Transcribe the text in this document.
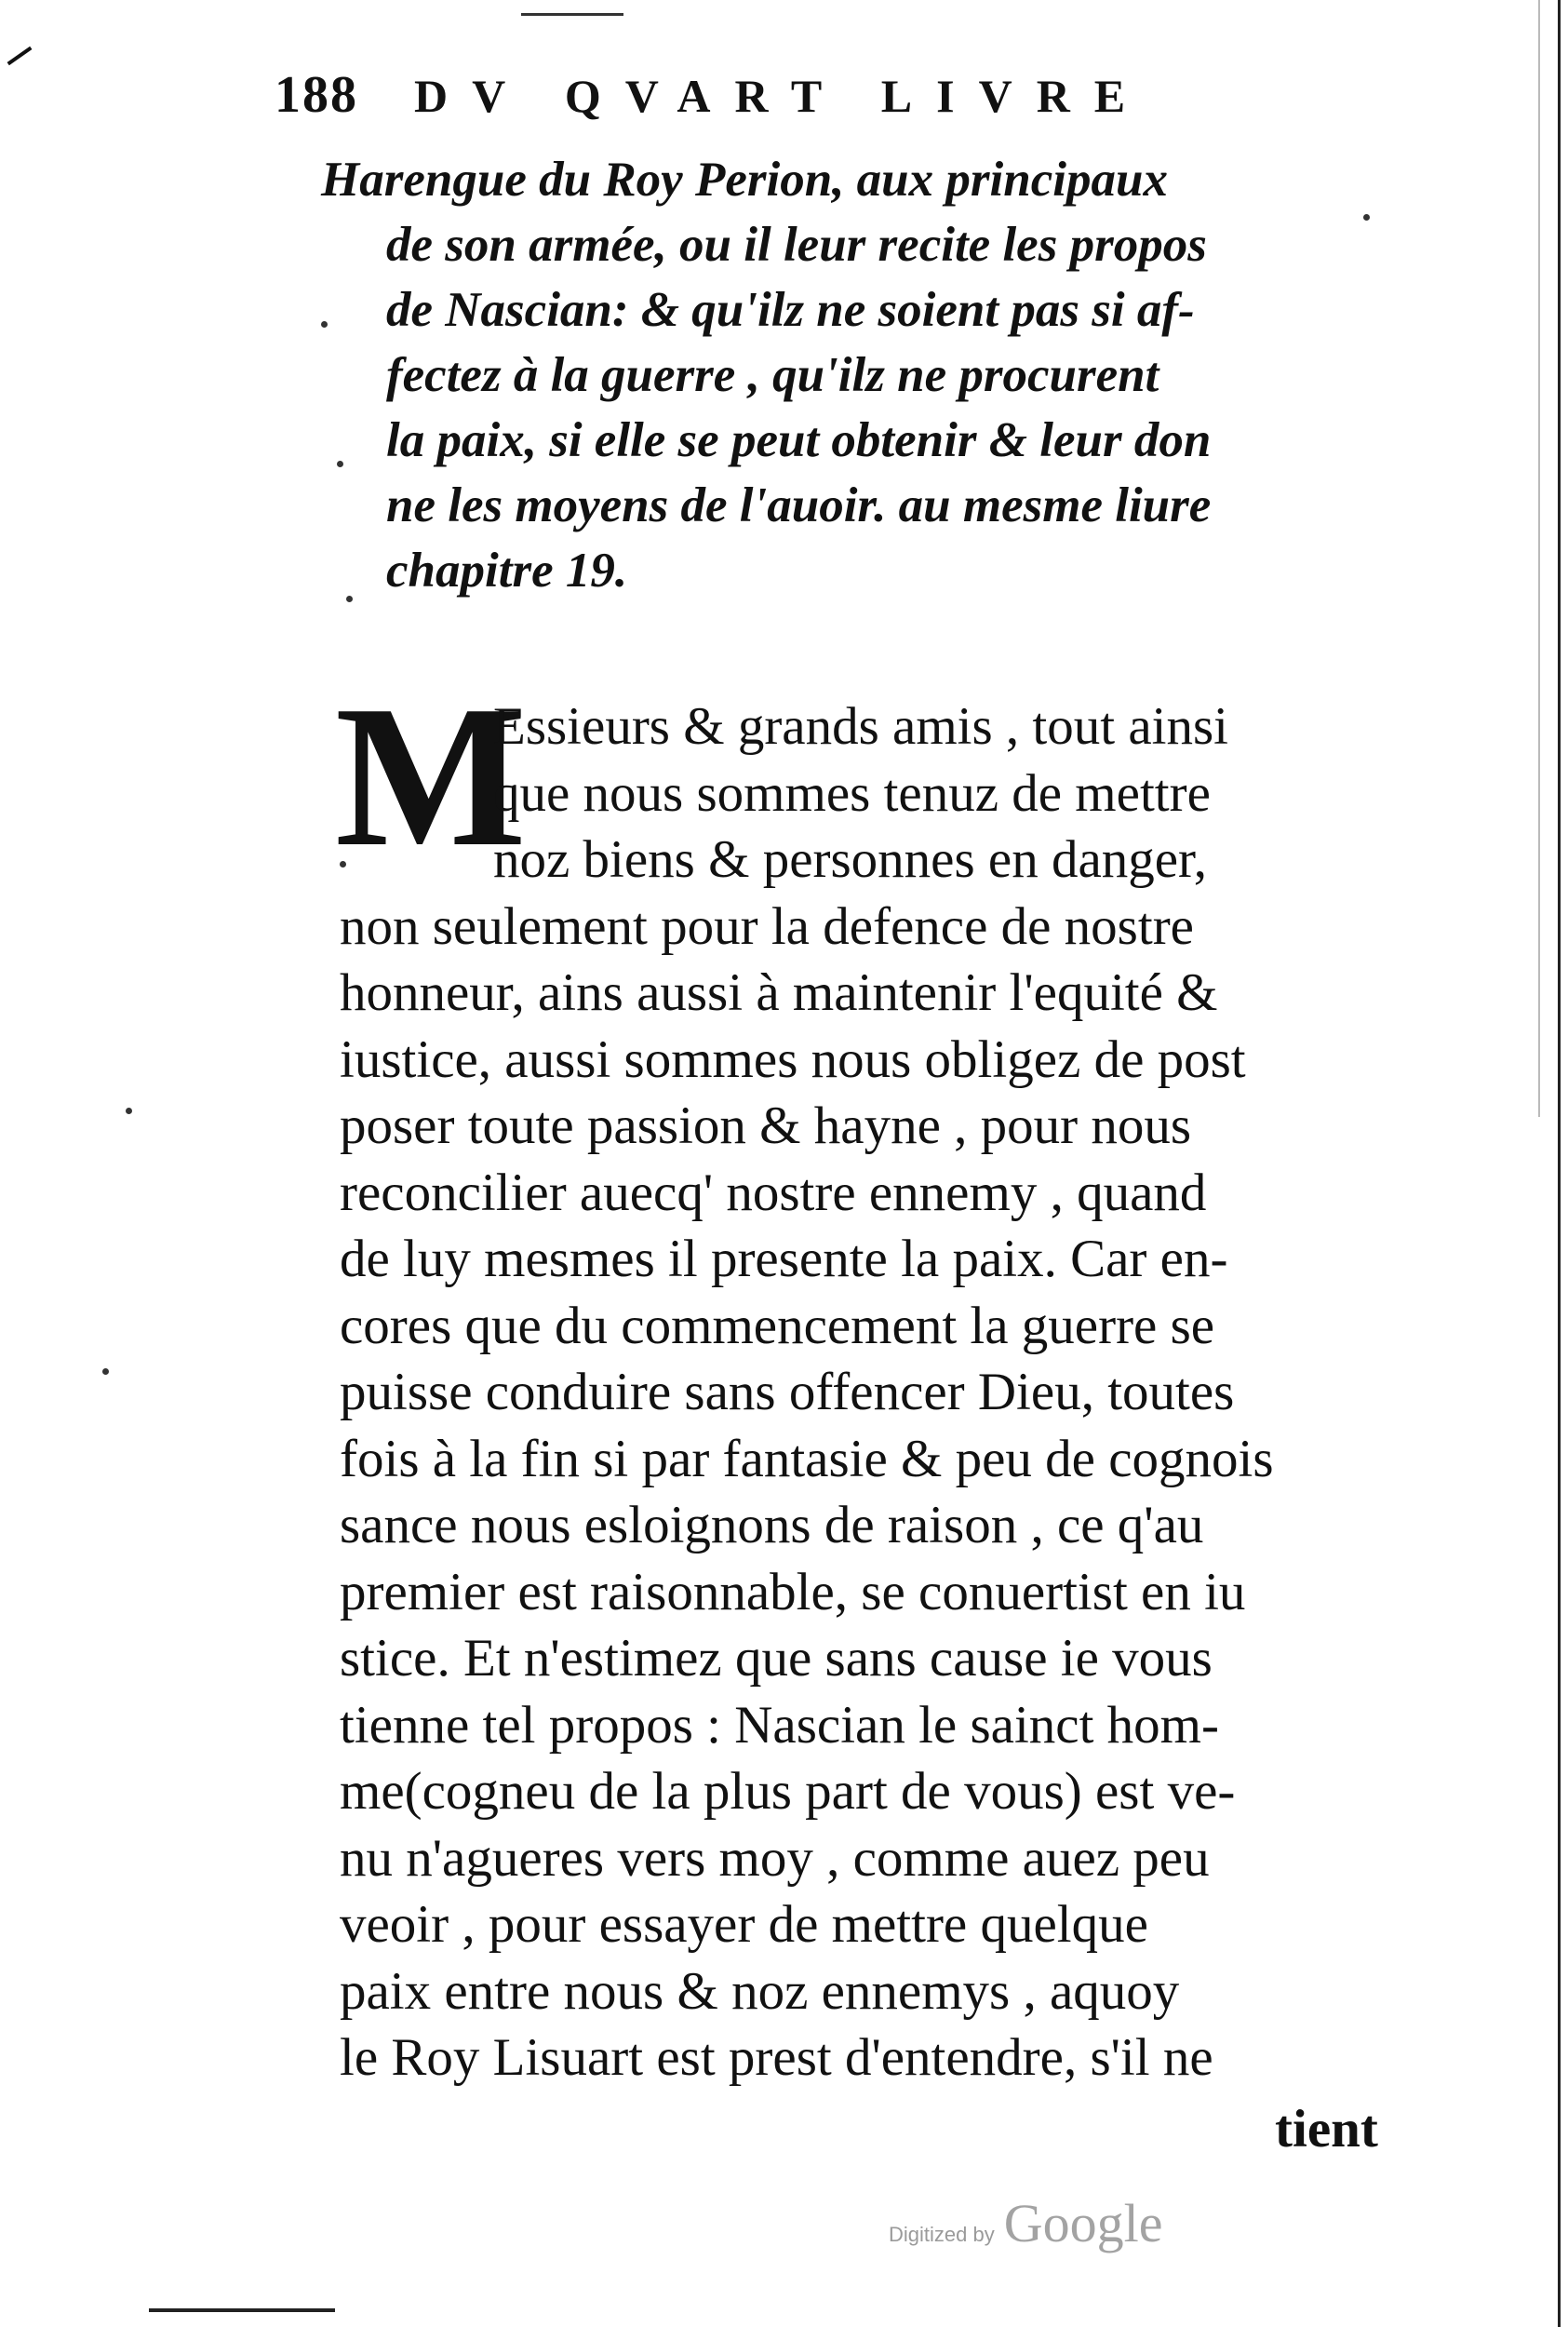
188 DV QVART LIVRE
Harengue du Roy Perion, aux principaux
de son armée, ou il leur recite les propos
de Nascian: & qu'ilz ne soient pas si af-
fectez à la guerre , qu'ilz ne procurent
la paix, si elle se peut obtenir & leur don
ne les moyens de l'auoir. au mesme liure
chapitre 19.
M
Essieurs & grands amis , tout ainsi
que nous sommes tenuz de mettre
noz biens & personnes en danger,
non seulement pour la defence de nostre
honneur, ains aussi à maintenir l'equité &
iustice, aussi sommes nous obligez de post
poser toute passion & hayne , pour nous
reconcilier auecq' nostre ennemy , quand
de luy mesmes il presente la paix. Car en-
cores que du commencement la guerre se
puisse conduire sans offencer Dieu, toutes
fois à la fin si par fantasie & peu de cognois
sance nous esloignons de raison , ce q'au
premier est raisonnable, se conuertist en iu
stice. Et n'estimez que sans cause ie vous
tienne tel propos : Nascian le sainct hom-
me(cogneu de la plus part de vous) est ve-
nu n'agueres vers moy , comme auez peu
veoir , pour essayer de mettre quelque
paix entre nous & noz ennemys , aquoy
le Roy Lisuart est prest d'entendre, s'il ne
tient
Digitized by Google
